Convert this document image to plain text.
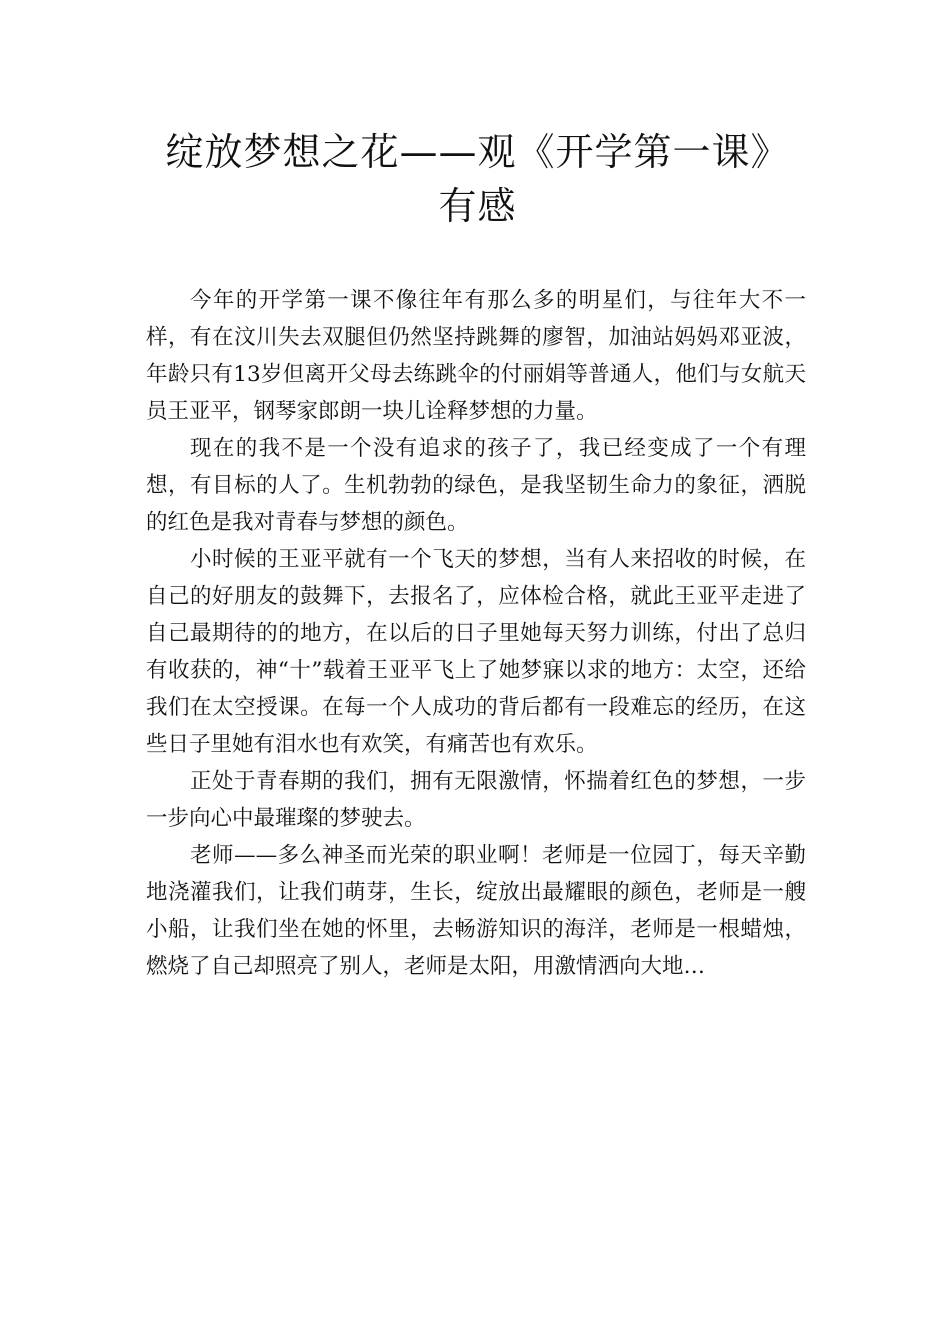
绽放梦想之花——观《开学第一课》有感

今年的开学第一课不像往年有那么多的明星们，与往年大不一样，有在汶川失去双腿但仍然坚持跳舞的廖智，加油站妈妈邓亚波，年龄只有13岁但离开父母去练跳伞的付丽娟等普通人，他们与女航天员王亚平，钢琴家郎朗一块儿诠释梦想的力量。

现在的我不是一个没有追求的孩子了，我已经变成了一个有理想，有目标的人了。生机勃勃的绿色，是我坚韧生命力的象征，洒脱的红色是我对青春与梦想的颜色。

小时候的王亚平就有一个飞天的梦想，当有人来招收的时候，在自己的好朋友的鼓舞下，去报名了，应体检合格，就此王亚平走进了自己最期待的的地方，在以后的日子里她每天努力训练，付出了总归有收获的，神“十”载着王亚平飞上了她梦寐以求的地方：太空，还给我们在太空授课。在每一个人成功的背后都有一段难忘的经历，在这些日子里她有泪水也有欢笑，有痛苦也有欢乐。

正处于青春期的我们，拥有无限激情，怀揣着红色的梦想，一步一步向心中最璀璨的梦驶去。

老师——多么神圣而光荣的职业啊！老师是一位园丁，每天辛勤地浇灌我们，让我们萌芽，生长，绽放出最耀眼的颜色，老师是一艘小船，让我们坐在她的怀里，去畅游知识的海洋，老师是一根蜡烛，燃烧了自己却照亮了别人，老师是太阳，用激情洒向大地…
